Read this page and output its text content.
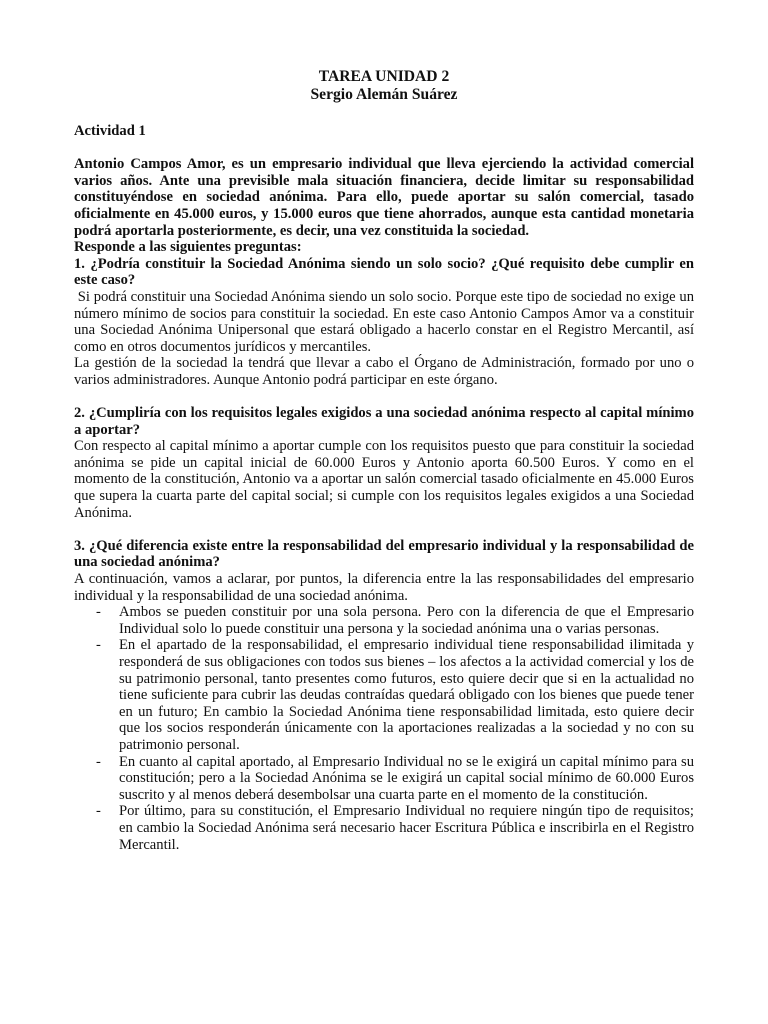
TAREA UNIDAD 2
Sergio Alemán Suárez

Actividad 1

Antonio Campos Amor, es un empresario individual que lleva ejerciendo la actividad comercial varios años. Ante una previsible mala situación financiera, decide limitar su responsabilidad constituyéndose en sociedad anónima. Para ello, puede aportar su salón comercial, tasado oficialmente en 45.000 euros, y 15.000 euros que tiene ahorrados, aunque esta cantidad monetaria podrá aportarla posteriormente, es decir, una vez constituida la sociedad.

Responde a las siguientes preguntas:

1. ¿Podría constituir la Sociedad Anónima siendo un solo socio? ¿Qué requisito debe cumplir en este caso?

Si podrá constituir una Sociedad Anónima siendo un solo socio. Porque este tipo de sociedad no exige un número mínimo de socios para constituir la sociedad. En este caso Antonio Campos Amor va a constituir una Sociedad Anónima Unipersonal que estará obligado a hacerlo constar en el Registro Mercantil, así como en otros documentos jurídicos y mercantiles.

La gestión de la sociedad la tendrá que llevar a cabo el Órgano de Administración, formado por uno o varios administradores. Aunque Antonio podrá participar en este órgano.

2. ¿Cumpliría con los requisitos legales exigidos a una sociedad anónima respecto al capital mínimo a aportar?

Con respecto al capital mínimo a aportar cumple con los requisitos puesto que para constituir la sociedad anónima se pide un capital inicial de 60.000 Euros y Antonio aporta 60.500 Euros. Y como en el momento de la constitución, Antonio va a aportar un salón comercial tasado oficialmente en 45.000 Euros que supera la cuarta parte del capital social; si cumple con los requisitos legales exigidos a una Sociedad Anónima.

3. ¿Qué diferencia existe entre la responsabilidad del empresario individual y la responsabilidad de una sociedad anónima?

A continuación, vamos a aclarar, por puntos, la diferencia entre la las responsabilidades del empresario individual y la responsabilidad de una sociedad anónima.

- Ambos se pueden constituir por una sola persona. Pero con la diferencia de que el Empresario Individual solo lo puede constituir una persona y la sociedad anónima una o varias personas.
- En el apartado de la responsabilidad, el empresario individual tiene responsabilidad ilimitada y responderá de sus obligaciones con todos sus bienes – los afectos a la actividad comercial y los de su patrimonio personal, tanto presentes como futuros, esto quiere decir que si en la actualidad no tiene suficiente para cubrir las deudas contraídas quedará obligado con los bienes que puede tener en un futuro; En cambio la Sociedad Anónima tiene responsabilidad limitada, esto quiere decir que los socios responderán únicamente con la aportaciones realizadas a la sociedad y no con su patrimonio personal.
- En cuanto al capital aportado, al Empresario Individual no se le exigirá un capital mínimo para su constitución; pero a la Sociedad Anónima se le exigirá un capital social mínimo de 60.000 Euros suscrito y al menos deberá desembolsar una cuarta parte en el momento de la constitución.
- Por último, para su constitución, el Empresario Individual no requiere ningún tipo de requisitos; en cambio la Sociedad Anónima será necesario hacer Escritura Pública e inscribirla en el Registro Mercantil.
